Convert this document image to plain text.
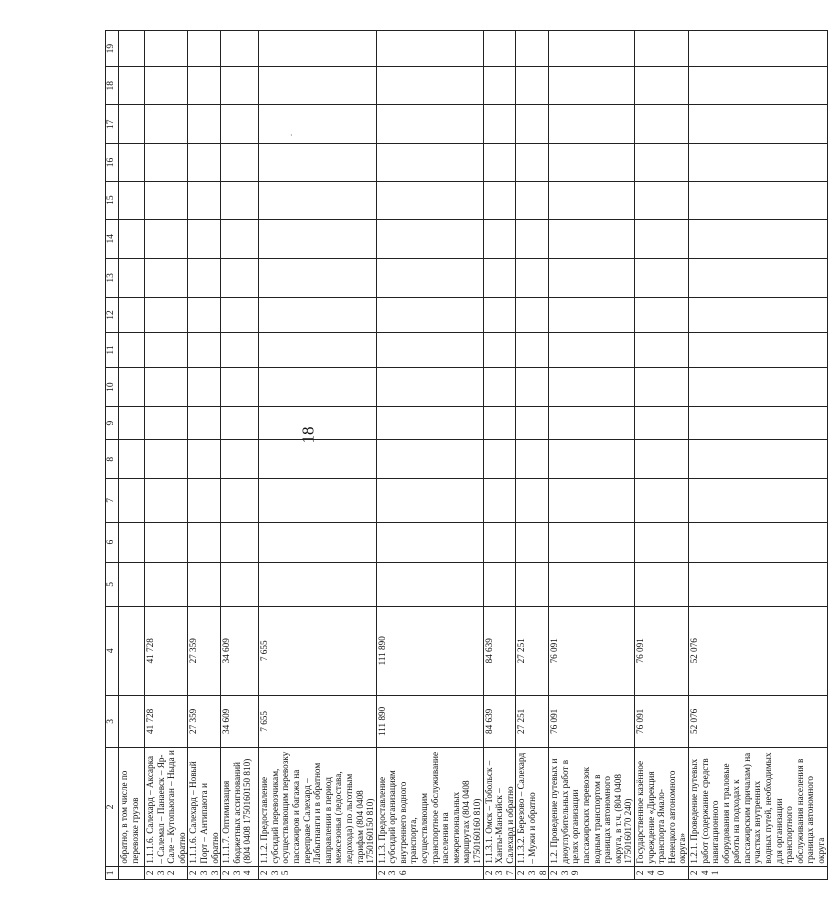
·
18
1	2	3	4	5	6	7	8	9	10	11	12	13	14	15	16	17	18	19
	обратно, в том числе по перевозке грузов																	
232	1.1.1.6. Салехард – Аксарка – Салемал – Панаевск – Яр-Сале – Кутопьюган – Ныда и обратно	41 728	41 728															
233	1.1.1.6. Салехард – Новый Порт – Антипаюта и обратно	27 359	27 359															
234	1.1.1.7. Оптимизация бюджетных ассигнований (804 0408 1750160150 810)	34 609	34 609															
235	1.1.2. Предоставление субсидий перевозчикам, осуществляющим перевозку пассажиров и багажа на переправе Салехард – Лабытнанги и в обратном направлении в период межсезонья (ледостава, ледохода) по льготным тарифам (804 0408 1750160150 810)	7 655	7 655															
236	1.1.3. Предоставление субсидий организациям внутреннего водного транспорта, осуществляющим транспортное обслуживание населения на межрегиональных маршрутах (804 0408 1750160160 810)	111 890	111 890															
237	1.1.3.1. Омск – Тобольск – Ханты-Мансийск – Салехард и обратно	84 639	84 639															
238	1.1.3.2. Березово – Салехард – Мужи и обратно	27 251	27 251															
239	1.2. Проведение путевых и дноуглубительных работ в целях организации пассажирских перевозок водным транспортом в границах автономного округа, в т.ч. (804 0408 1750160170 240)	76 091	76 091															
240	Государственное казённое учреждение «Дирекция транспорта Ямало-Ненецкого автономного округа»	76 091	76 091															
241	1.2.1. Проведение путевых работ (содержание средств навигационного оборудования и траловые работы на подходах к пассажирским причалам) на участках внутренних водных путей, необходимых для организации транспортного обслуживания населения в границах автономного округа	52 076	52 076															
